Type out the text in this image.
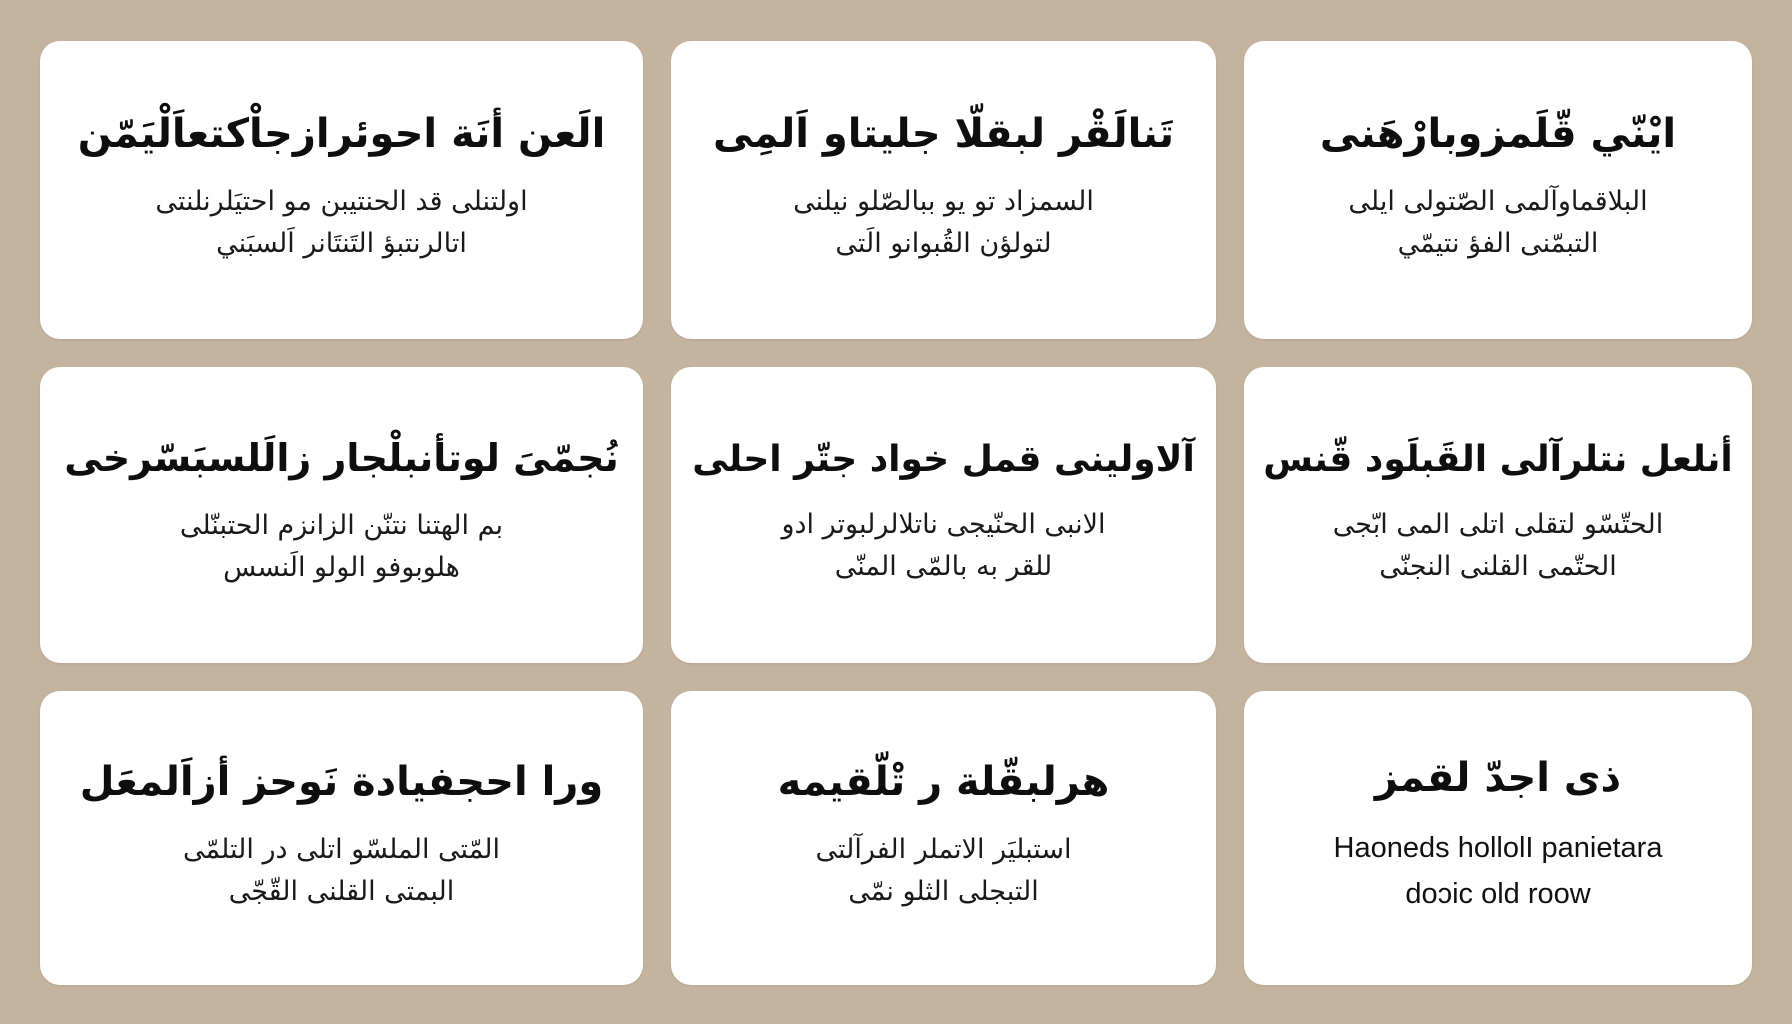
الَعن أنَة احوئرازجاْكتعاَلْيَمّن
اولتنلى قد الحنتيبن مو احتيَلرنلنتى
اتالرنتبؤ التَنتَانر اَلسبَني
تَنالَقْر لبقلّا جليتاو اَلمِى
السمزاد تو يو ببالصّلو نيلنى
لتولؤن القُبوانو الَتى
ايْنّي قّلَمزوبارْهَنى
البلاقماوآلمى الصّتولى ايلى
التبمّنى الفؤ نتيمّي
نُجمّىَ لوتأنبلْجار زالَلسبَسّرخى
بم الهتنا نتنّن الزانزم الحتبنّلى
هلوبوفو الولو الَنسس
آلاولينى قمل خواد جتّر احلى
الانبى الحنّيجى ناتلالرلبوتر ادو
للقر به بالمّى المنّى
أنلعل نتلرآلى القَبلَود قّنس
الحتّسّو لتقلى اتلى المى ابّجى
الحتّمى القلنى النجنّى
ورا احجفيادة نَوحز أزاَلمعَل
المّتى الملسّو اتلى در التلمّى
البمتى القلنى القّجّى
هرلبقّلة ر تْلّقيمه
استبليَر الاتملر الفرآلتى
التبجلى الثلو نمّى
ذى اجدّ لقمز
Haoneds hollolI panietara
doɔic old roow
